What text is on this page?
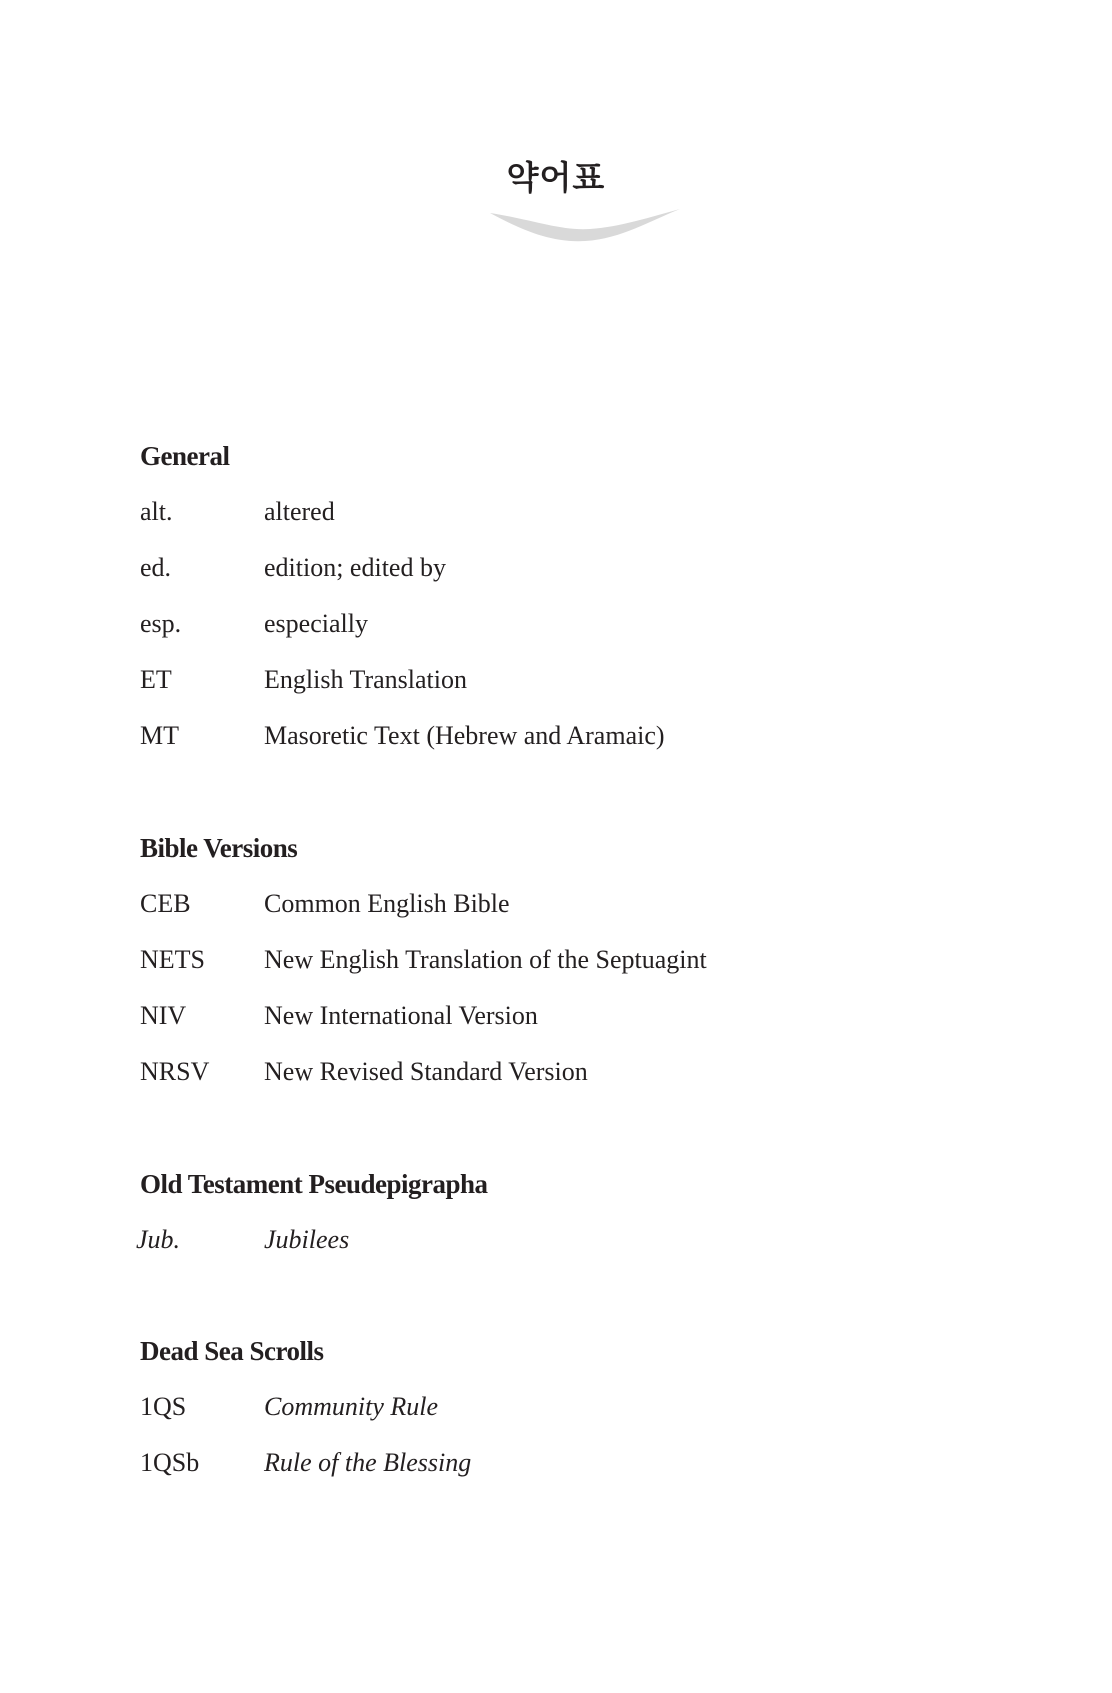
약어표
General
alt.	altered
ed.	edition; edited by
esp.	especially
ET	English Translation
MT	Masoretic Text (Hebrew and Aramaic)
Bible Versions
CEB	Common English Bible
NETS	New English Translation of the Septuagint
NIV	New International Version
NRSV	New Revised Standard Version
Old Testament Pseudepigrapha
Jub.	Jubilees
Dead Sea Scrolls
1QS	Community Rule
1QSb	Rule of the Blessing
